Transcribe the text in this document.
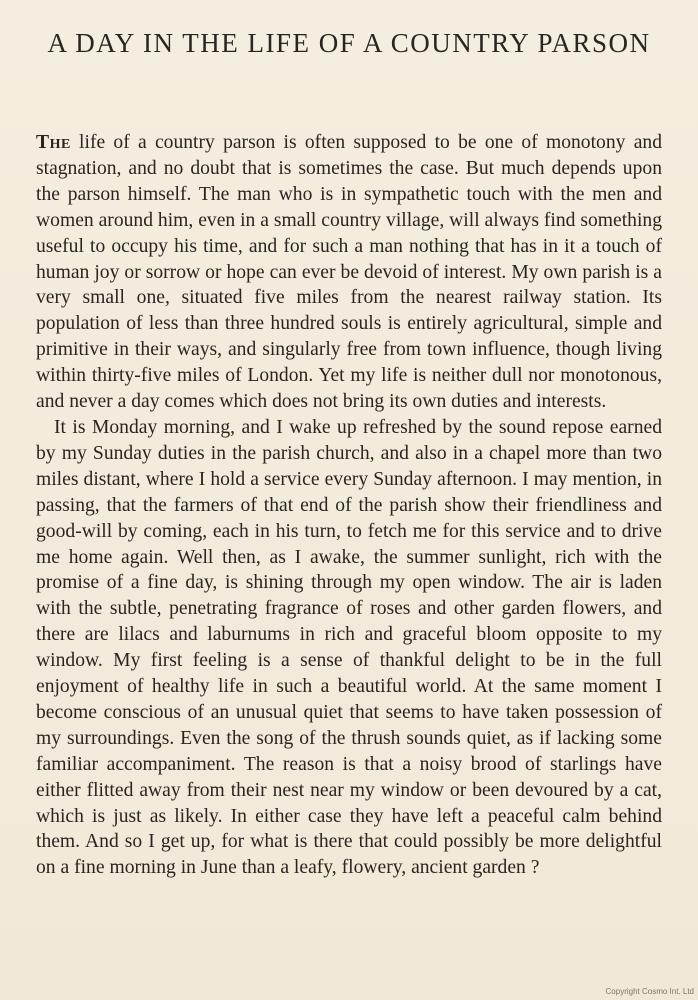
A DAY IN THE LIFE OF A COUNTRY PARSON

The life of a country parson is often supposed to be one of monotony and stagnation, and no doubt that is sometimes the case. But much depends upon the parson himself. The man who is in sympathetic touch with the men and women around him, even in a small country village, will always find something useful to occupy his time, and for such a man nothing that has in it a touch of human joy or sorrow or hope can ever be devoid of interest. My own parish is a very small one, situated five miles from the nearest railway station. Its population of less than three hundred souls is entirely agricultural, simple and primitive in their ways, and singularly free from town influence, though living within thirty-five miles of London. Yet my life is neither dull nor monotonous, and never a day comes which does not bring its own duties and interests.

It is Monday morning, and I wake up refreshed by the sound repose earned by my Sunday duties in the parish church, and also in a chapel more than two miles distant, where I hold a service every Sunday afternoon. I may mention, in passing, that the farmers of that end of the parish show their friendliness and good-will by coming, each in his turn, to fetch me for this service and to drive me home again. Well then, as I awake, the summer sunlight, rich with the promise of a fine day, is shining through my open window. The air is laden with the subtle, penetrating fragrance of roses and other garden flowers, and there are lilacs and laburnums in rich and graceful bloom opposite to my window. My first feeling is a sense of thankful delight to be in the full enjoyment of healthy life in such a beautiful world. At the same moment I become conscious of an unusual quiet that seems to have taken possession of my surroundings. Even the song of the thrush sounds quiet, as if lacking some familiar accompaniment. The reason is that a noisy brood of starlings have either flitted away from their nest near my window or been devoured by a cat, which is just as likely. In either case they have left a peaceful calm behind them. And so I get up, for what is there that could possibly be more delightful on a fine morning in June than a leafy, flowery, ancient garden ?

Copyright Cosmo Int. Ltd
